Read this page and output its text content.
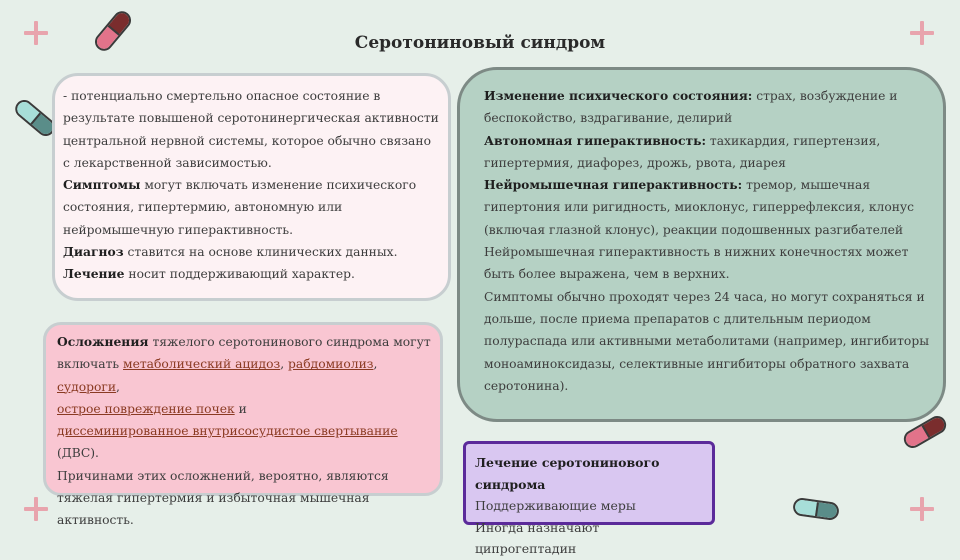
Серотониновый синдром

- потенциально смертельно опасное состояние в результате повышеной серотонинергическая активности центральной нервной системы, которое обычно связано с лекарственной зависимостью.

Симптомы могут включать изменение психического состояния, гипертермию, автономную или нейромышечную гиперактивность.

Диагноз ставится на основе клинических данных.

Лечение носит поддерживающий характер.

Изменение психического состояния: страх, возбуждение и беспокойство, вздрагивание, делирий

Автономная гиперактивность: тахикардия, гипертензия, гипертермия, диафорез, дрожь, рвота, диарея

Нейромышечная гиперактивность: тремор, мышечная гипертония или ригидность, миоклонус, гиперрефлексия, клонус (включая глазной клонус), реакции подошвенных разгибателей

Нейромышечная гиперактивность в нижних конечностях может быть более выражена, чем в верхних.

Симптомы обычно проходят через 24 часа, но могут сохраняться и дольше, после приема препаратов с длительным периодом полураспада или активными метаболитами (например, ингибиторы моноаминоксидазы, селективные ингибиторы обратного захвата серотонина).

Осложнения тяжелого серотонинового синдрома могут включать метаболический ацидоз, рабдомиолиз, судороги,
острое повреждение почек и
диссеминированное внутрисосудистое свертывание (ДВС).

Причинами этих осложнений, вероятно, являются тяжелая гипертермия и избыточная мышечная активность.

Лечение серотонинового синдрома

Поддерживающие меры

Иногда назначают ципрогептадин
